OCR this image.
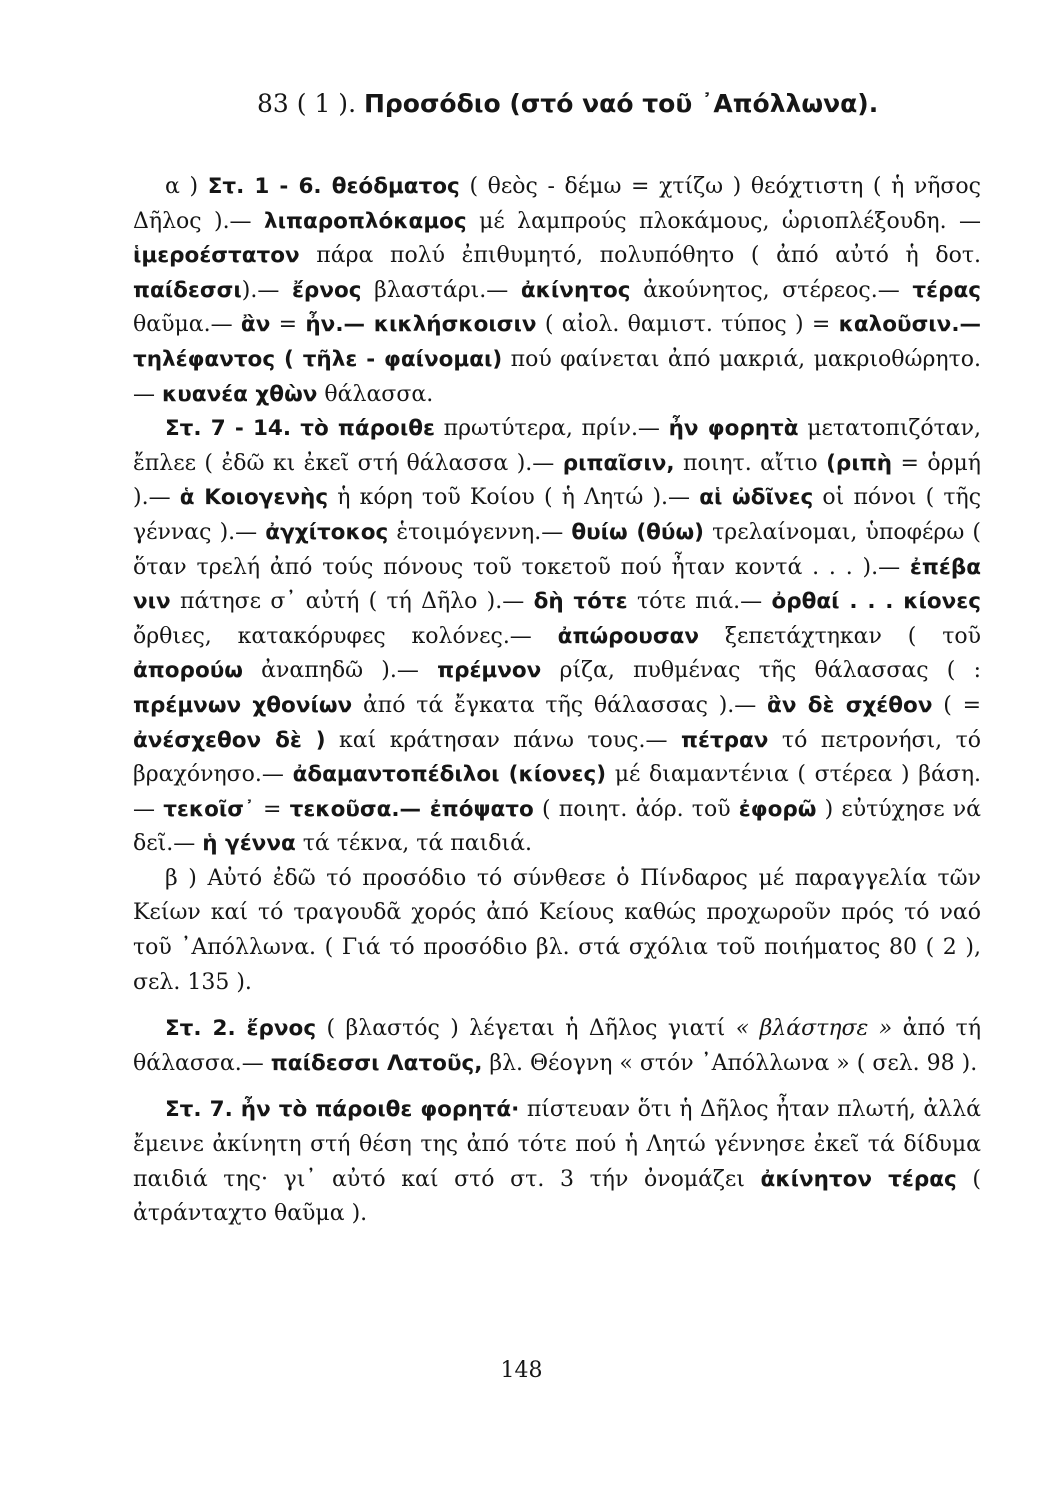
83 ( 1 ). Προσόδιο (στό ναό τοῦ ᾿Απόλλωνα).

α ) Στ. 1 - 6. θεόδματος ( θεὸς - δέμω = χτίζω ) θεόχτιστη ( ἡ νῆσος Δῆλος ).— λιπαροπλόκαμος μέ λαμπρούς πλοκάμους, ὡριοπλέξουδη. — ἱμεροέστατον πάρα πολύ ἐπιθυμητό, πολυπόθητο ( ἀπό αὐτό ἡ δοτ. παίδεσσι).— ἔρνος βλαστάρι.— ἀκίνητος ἀκούνητος, στέρεος.— τέρας θαῦμα.— ἂν = ἦν.— κικλήσκοισιν ( αἰολ. θαμιστ. τύπος ) = καλοῦσιν.— τηλέφαντος ( τῆλε - φαίνομαι) πού φαίνεται ἀπό μακριά, μακριοθώρητο.— κυανέα χθὼν θάλασσα.

Στ. 7 - 14. τὸ πάροιθε πρωτύτερα, πρίν.— ἦν φορητὰ μετατοπιζόταν, ἔπλεε ( ἐδῶ κι ἐκεῖ στή θάλασσα ).— ριπαῖσιν, ποιητ. αἴτιο (ριπὴ = ὁρμή ).— ἁ Κοιογενὴς ἡ κόρη τοῦ Κοίου ( ἡ Λητώ ).— αἱ ὠδῖνες οἱ πόνοι ( τῆς γέννας ).— ἀγχίτοκος ἑτοιμόγεννη.— θυίω (θύω) τρελαίνομαι, ὑποφέρω ( ὅταν τρελή ἀπό τούς πόνους τοῦ τοκετοῦ πού ἦταν κοντά . . . ).— ἐπέβα νιν πάτησε σ᾿ αὐτή ( τή Δῆλο ).— δὴ τότε τότε πιά.— ὀρθαί . . . κίονες ὄρθιες, κατακόρυφες κολόνες.— ἀπώρουσαν ξεπετάχτηκαν ( τοῦ ἀπορούω ἀναπηδῶ ).— πρέμνον ρίζα, πυθμένας τῆς θάλασσας ( : πρέμνων χθονίων ἀπό τά ἔγκατα τῆς θάλασσας ).— ἂν δὲ σχέθον ( = ἀνέσχεθον δὲ ) καί κράτησαν πάνω τους.— πέτραν τό πετρονήσι, τό βραχόνησο.— ἀδαμαντοπέδιλοι (κίονες) μέ διαμαντένια ( στέρεα ) βάση.— τεκοῖσ᾿ = τεκοῦσα.— ἐπόψατο ( ποιητ. ἀόρ. τοῦ ἐφορῶ ) εὐτύχησε νά δεῖ.— ἡ γέννα τά τέκνα, τά παιδιά.

β ) Αὐτό ἐδῶ τό προσόδιο τό σύνθεσε ὁ Πίνδαρος μέ παραγγελία τῶν Κείων καί τό τραγουδᾶ χορός ἀπό Κείους καθώς προχωροῦν πρός τό ναό τοῦ ᾿Απόλλωνα. ( Γιά τό προσόδιο βλ. στά σχόλια τοῦ ποιήματος 80 ( 2 ), σελ. 135 ).

Στ. 2. ἔρνος ( βλαστός ) λέγεται ἡ Δῆλος γιατί « βλάστησε » ἀπό τή θάλασσα.— παίδεσσι Λατοῦς, βλ. Θέογνη « στόν ᾿Απόλλωνα » ( σελ. 98 ).

Στ. 7. ἦν τὸ πάροιθε φορητά· πίστευαν ὅτι ἡ Δῆλος ἦταν πλωτή, ἀλλά ἔμεινε ἀκίνητη στή θέση της ἀπό τότε πού ἡ Λητώ γέννησε ἐκεῖ τά δίδυμα παιδιά της· γι᾿ αὐτό καί στό στ. 3 τήν ὀνομάζει ἀκίνητον τέρας ( ἀτράνταχτο θαῦμα ).

148
